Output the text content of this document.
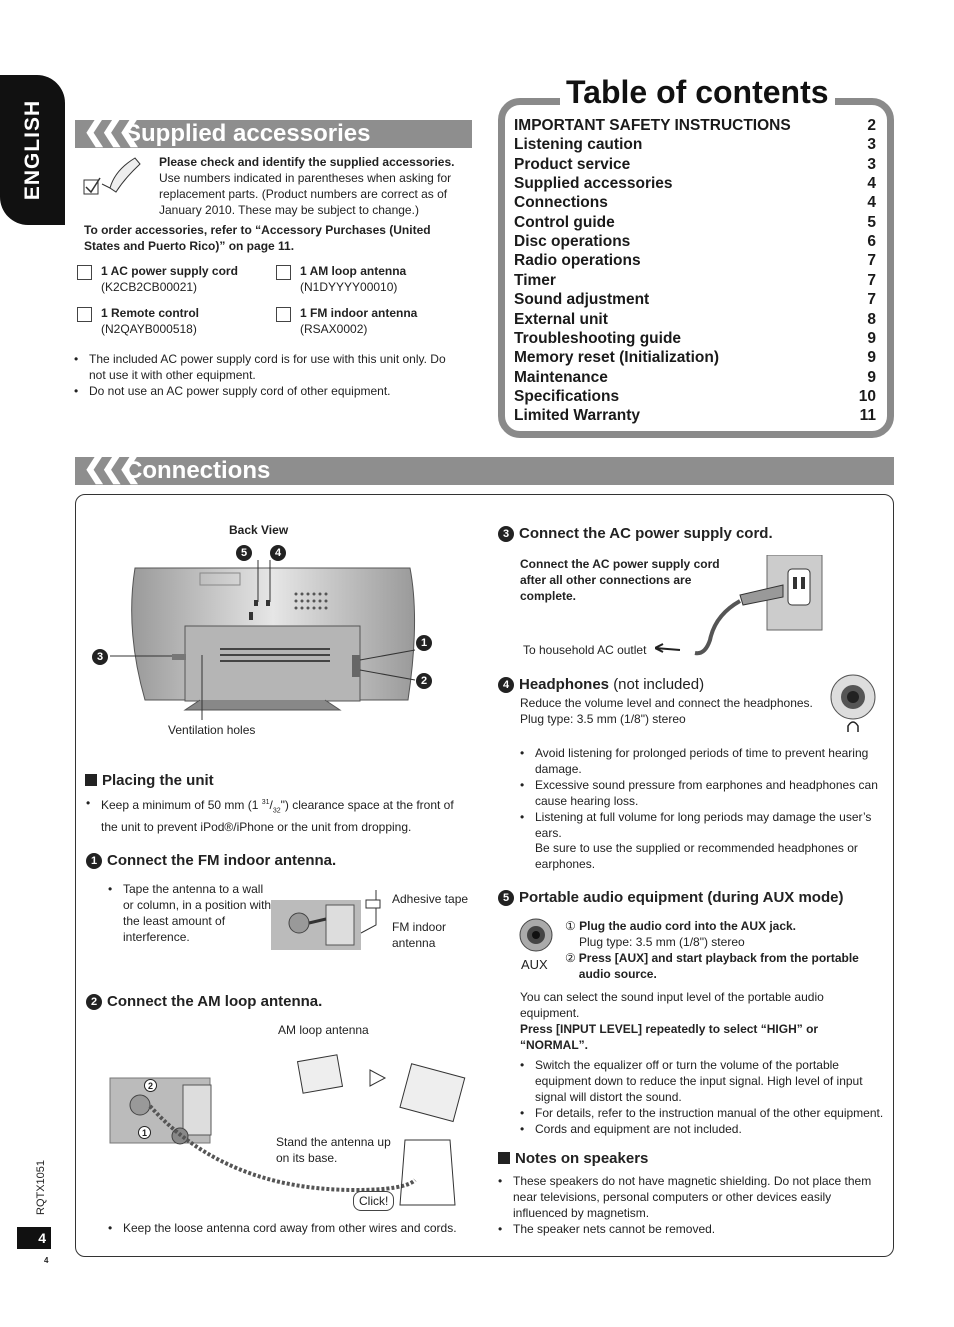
ENGLISH ❮❮❮
Supplied accessories
Please check and identify the supplied accessories.
Use numbers indicated in parentheses when asking for replacement parts. (Product numbers are correct as of January 2010. These may be subject to change.)
To order accessories, refer to “Accessory Purchases (United States and Puerto Rico)” on page 11.
1 AC power supply cord
(K2CB2CB00021)
1 AM loop antenna
(N1DYYYY00010)
1 Remote control
(N2QAYB000518)
1 FM indoor antenna
(RSAX0002)
• The included AC power supply cord is for use with this unit only. Do not use it with other equipment.
• Do not use an AC power supply cord of other equipment.
Table of contents
IMPORTANT SAFETY INSTRUCTIONS	2
Listening caution	3
Product service	3
Supplied accessories	4
Connections	4
Control guide	5
Disc operations	6
Radio operations	7
Timer	7
Sound adjustment	7
External unit	8
Troubleshooting guide	9
Memory reset (Initialization)	9
Maintenance	9
Specifications	10
Limited Warranty	11
❮❮❮
Connections
Back View
5	4
1
2
3
Ventilation holes
Placing the unit
• Keep a minimum of 50 mm (1 $^{31}/_{32}$") clearance space at the front of the unit to prevent iPod®/iPhone or the unit from dropping.
1 Connect the FM indoor antenna.
• Tape the antenna to a wall or column, in a position with the least amount of interference.
Adhesive tape
FM indoor antenna
2 Connect the AM loop antenna.
AM loop antenna
2
1
Stand the antenna up on its base.
Click!
• Keep the loose antenna cord away from other wires and cords.
3 Connect the AC power supply cord.
Connect the AC power supply cord after all other connections are complete.
To household AC outlet
4 Headphones (not included)
Reduce the volume level and connect the headphones.
Plug type: 3.5 mm (1/8") stereo
• Avoid listening for prolonged periods of time to prevent hearing damage.
• Excessive sound pressure from earphones and headphones can cause hearing loss.
• Listening at full volume for long periods may damage the user’s ears.
Be sure to use the supplied or recommended headphones or earphones.
5 Portable audio equipment (during AUX mode)
AUX
① Plug the audio cord into the AUX jack.
Plug type: 3.5 mm (1/8") stereo
② Press [AUX] and start playback from the portable audio source.
You can select the sound input level of the portable audio equipment.
Press [INPUT LEVEL] repeatedly to select “HIGH” or “NORMAL”.
• Switch the equalizer off or turn the volume of the portable equipment down to reduce the input signal. High level of input signal will distort the sound.
• For details, refer to the instruction manual of the other equipment.
• Cords and equipment are not included.
Notes on speakers
• These speakers do not have magnetic shielding. Do not place them near televisions, personal computers or other devices easily influenced by magnetism.
• The speaker nets cannot be removed.
RQTX1051
4
4
